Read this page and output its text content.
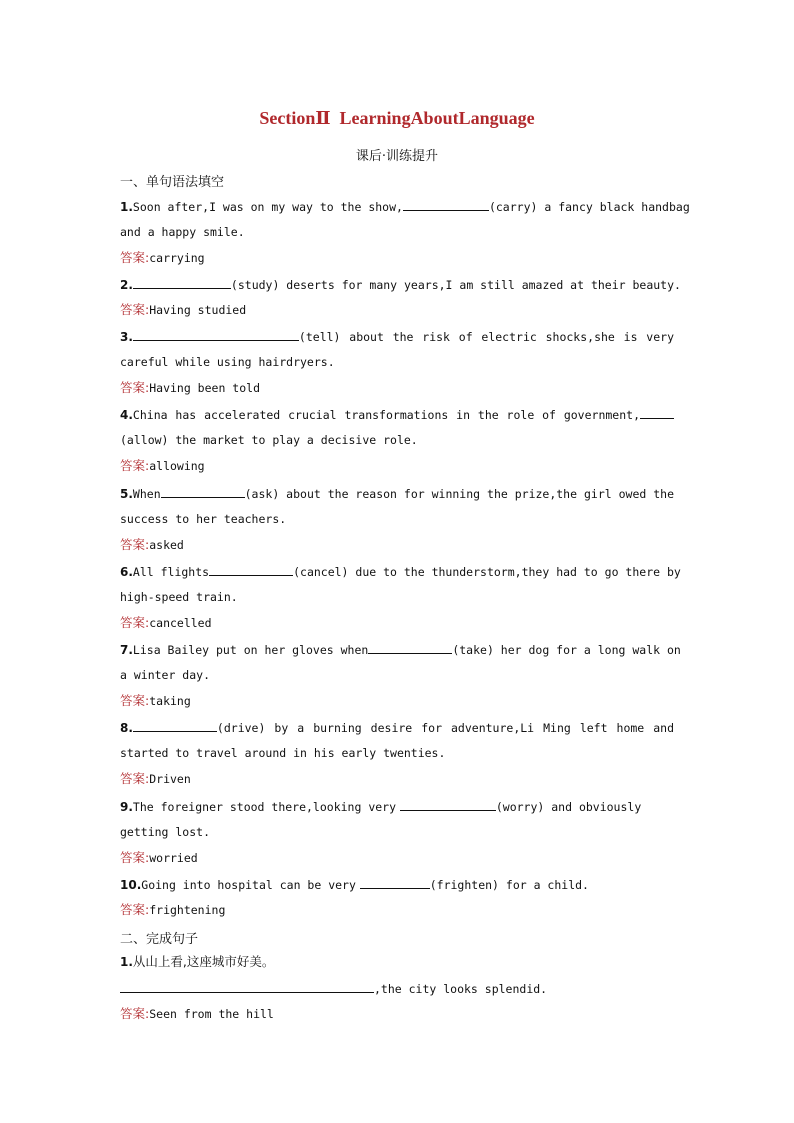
SectionⅡ  LearningAboutLanguage
课后·训练提升
一、单句语法填空
1.Soon after,I was on my way to the show,	(carry) a fancy black handbag
and a happy smile.
答案:carrying
2.	(study) deserts for many years,I am still amazed at their beauty.
答案:Having studied
3.	(tell) about the risk of electric shocks,she is very
careful while using hairdryers.
答案:Having been told
4.China has accelerated crucial transformations in the role of government,
(allow) the market to play a decisive role.
答案:allowing
5.When	(ask) about the reason for winning the prize,the girl owed the
success to her teachers.
答案:asked
6.All flights	(cancel) due to the thunderstorm,they had to go there by
high-speed train.
答案:cancelled
7.Lisa Bailey put on her gloves when	(take) her dog for a long walk on
a winter day.
答案:taking
8.	(drive) by a burning desire for adventure,Li Ming left home and
started to travel around in his early twenties.
答案:Driven
9.The foreigner stood there,looking very	(worry) and obviously
getting lost.
答案:worried
10.Going into hospital can be very	(frighten) for a child.
答案:frightening
二、完成句子
1.从山上看,这座城市好美。
,the city looks splendid.
答案:Seen from the hill
